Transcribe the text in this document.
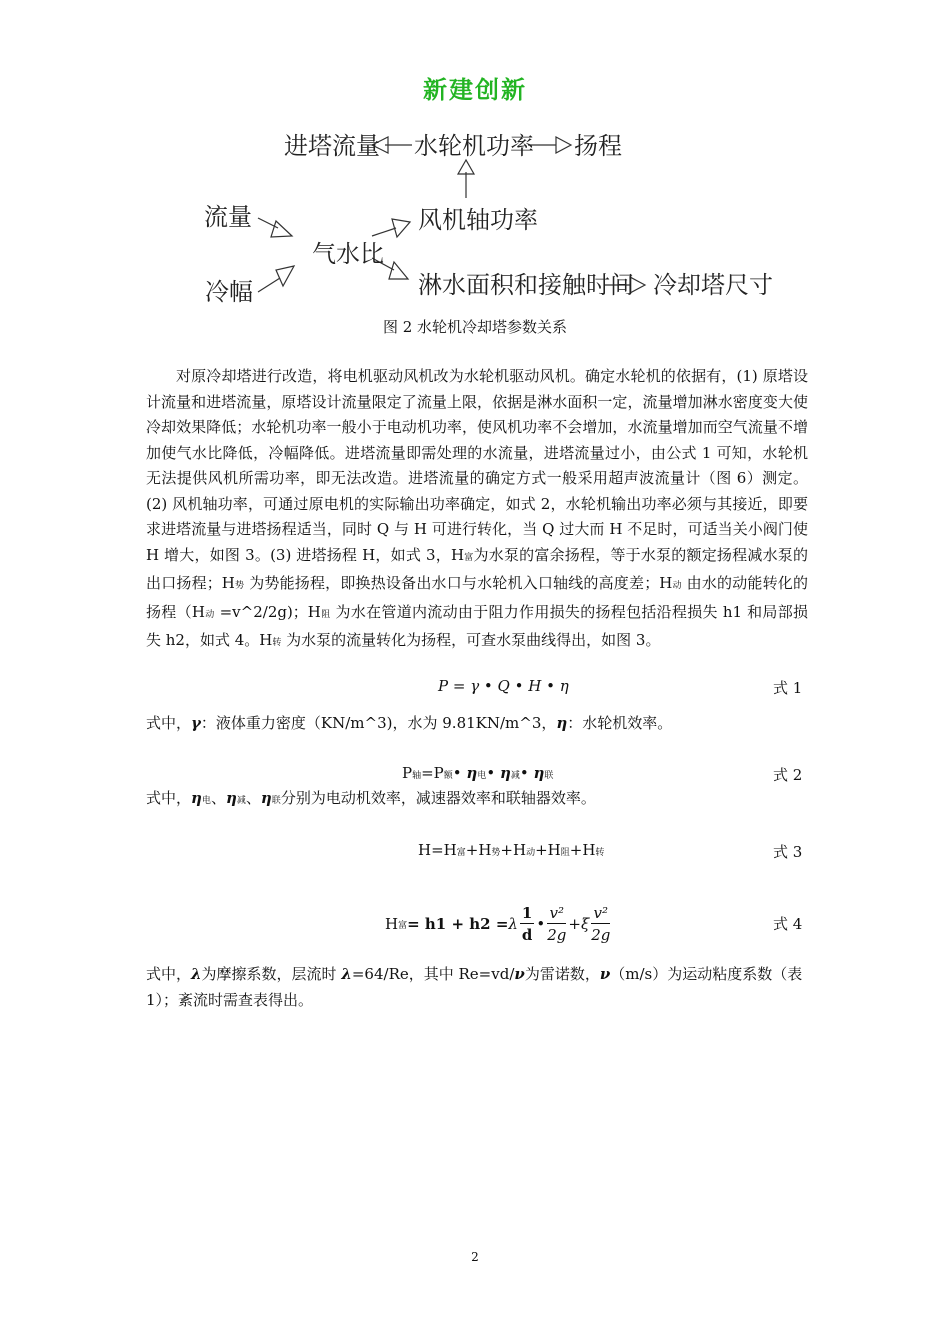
新建创新
进塔流量 水轮机功率 扬程
流量
气水比
风机轴功率
冷幅	淋水面积和接触时间 冷却塔尺寸
图 2 水轮机冷却塔参数关系

对原冷却塔进行改造，将电机驱动风机改为水轮机驱动风机。确定水轮机的依据有，(1) 原塔设计流量和进塔流量，原塔设计流量限定了流量上限，依据是淋水面积一定，流量增加淋水密度变大使冷却效果降低；水轮机功率一般小于电动机功率，使风机功率不会增加，水流量增加而空气流量不增加使气水比降低，冷幅降低。进塔流量即需处理的水流量，进塔流量过小，由公式 1 可知，水轮机无法提供风机所需功率，即无法改造。进塔流量的确定方式一般采用超声波流量计（图 6）测定。(2) 风机轴功率，可通过原电机的实际输出功率确定，如式 2，水轮机输出功率必须与其接近，即要求进塔流量与进塔扬程适当，同时 Q 与 H 可进行转化，当 Q 过大而 H 不足时，可适当关小阀门使 H 增大，如图 3。(3) 进塔扬程 H，如式 3，H富为水泵的富余扬程，等于水泵的额定扬程减水泵的出口扬程；H势 为势能扬程，即换热设备出水口与水轮机入口轴线的高度差；H动 由水的动能转化的扬程（H动 =v^2/2g)；H阻 为水在管道内流动由于阻力作用损失的扬程包括沿程损失 h1 和局部损失 h2，如式 4。H转 为水泵的流量转化为扬程，可查水泵曲线得出，如图 3。

P = γ • Q • H • η	式 1

式中，γ：液体重力密度（KN/m^3)，水为 9.81KN/m^3，η：水轮机效率。

P轴=P额• η电• η减• η联	式 2

式中，η电、η减、η联分别为电动机效率，减速器效率和联轴器效率。

H=H富+H势+H动+H阻+H转	式 3
H 富 = h1 + h2 = λ $\frac{1}{d}$ • $\frac{\text{v²}}{2g} + \xi \frac{\text{v²}}{2g}$	式 4

式中，λ为摩擦系数，层流时 λ=64/Re，其中 Re=vd/ν为雷诺数，ν（m/s）为运动粘度系数（表 1）；紊流时需查表得出。

2
